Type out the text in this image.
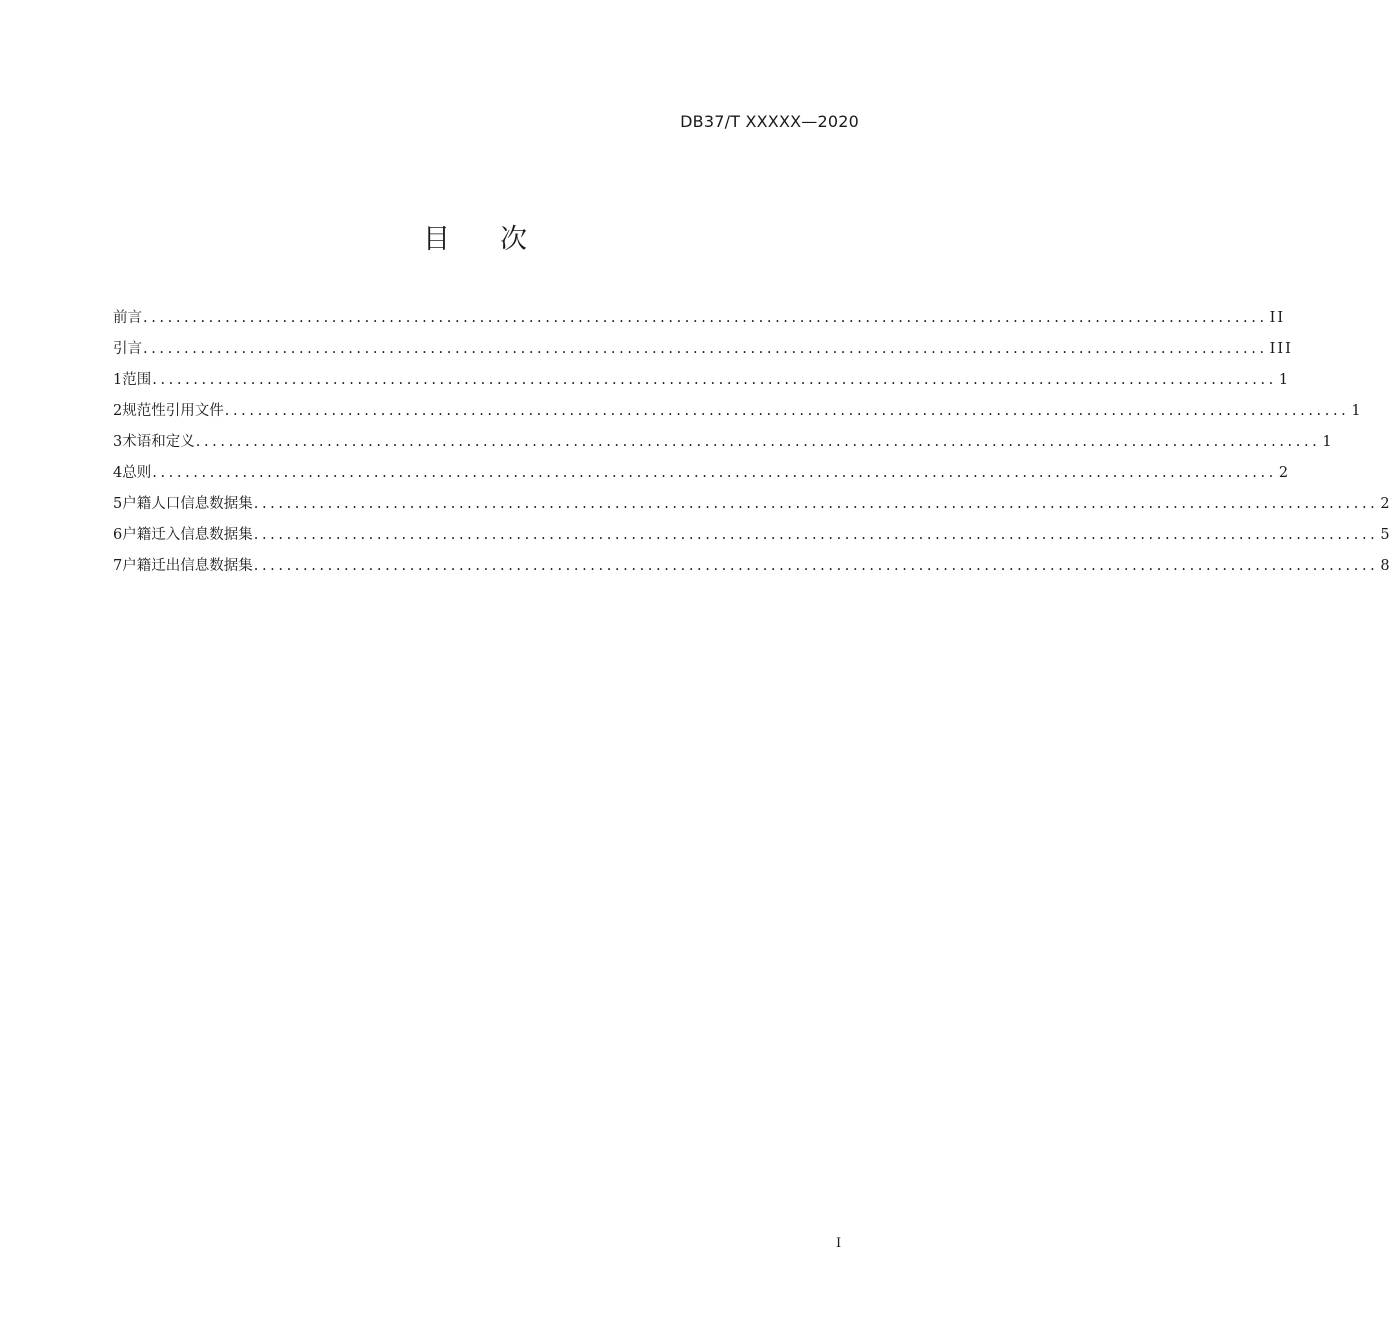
DB37/T XXXXX—2020
目 次
前言 ......................................................................................................................................... II
引言 ......................................................................................................................................... III
1 范围 ......................................................................................................................................... 1
2 规范性引用文件 ......................................................................................................................................... 1
3 术语和定义 ......................................................................................................................................... 1
4 总则 ......................................................................................................................................... 2
5 户籍人口信息数据集 ......................................................................................................................................... 2
6 户籍迁入信息数据集 ......................................................................................................................................... 5
7 户籍迁出信息数据集 ......................................................................................................................................... 8
I
